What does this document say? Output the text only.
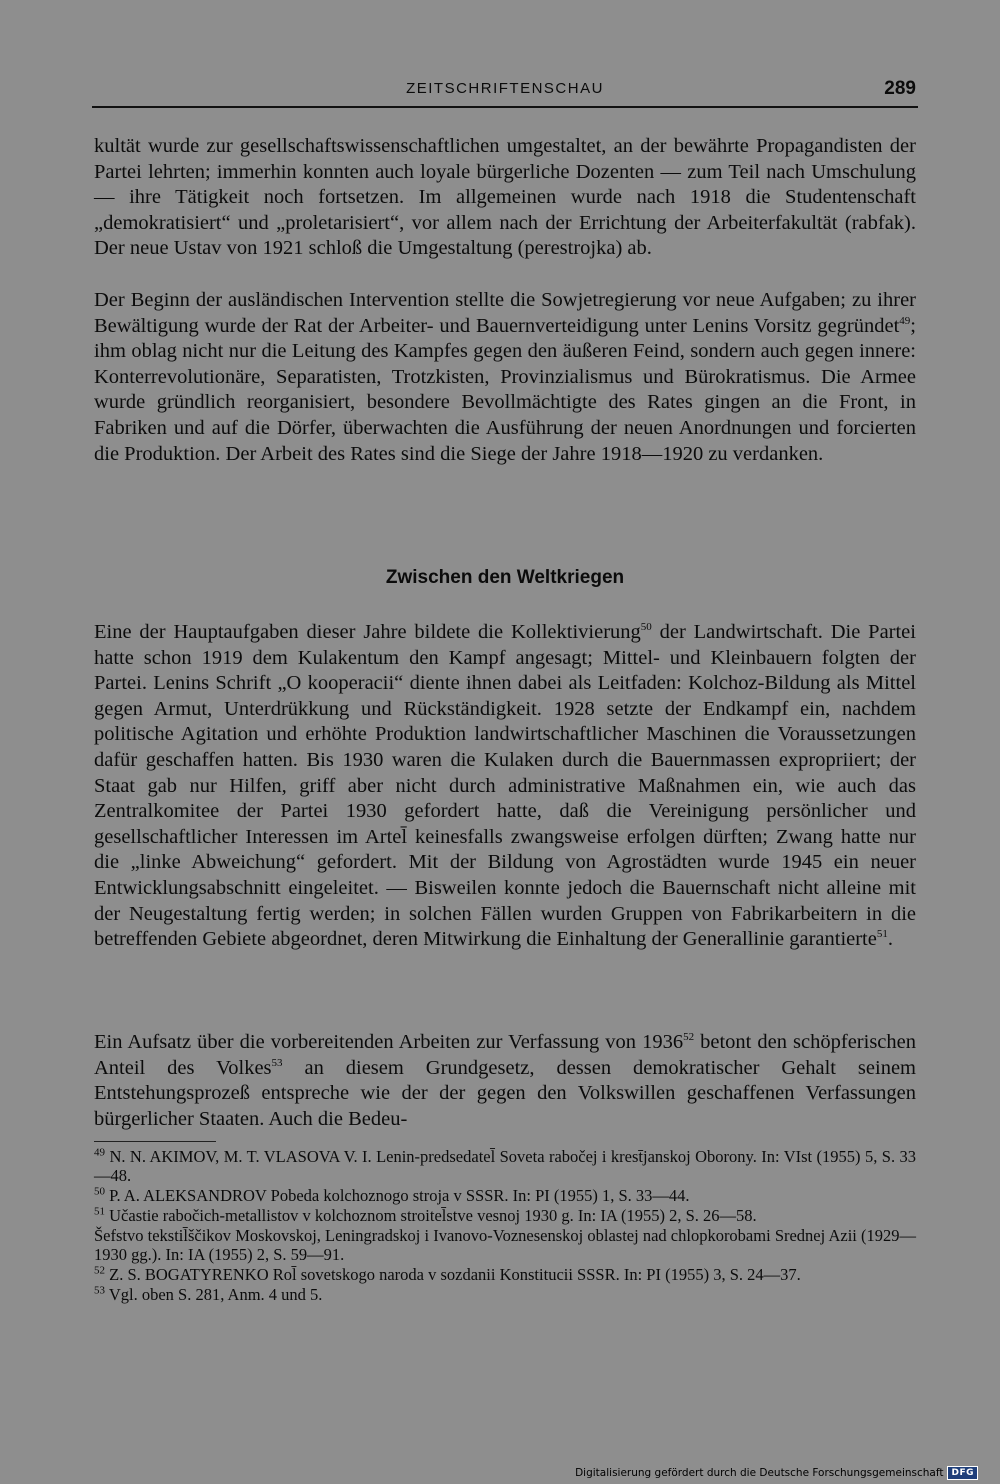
ZEITSCHRIFTENSCHAU	289
kultät wurde zur gesellschaftswissenschaftlichen umgestaltet, an der bewährte Propagandisten der Partei lehrten; immerhin konnten auch loyale bürgerliche Dozenten — zum Teil nach Umschulung — ihre Tätigkeit noch fortsetzen. Im allgemeinen wurde nach 1918 die Studentenschaft „demokratisiert“ und „proletarisiert“, vor allem nach der Errichtung der Arbeiterfakultät (rabfak). Der neue Ustav von 1921 schloß die Umgestaltung (perestrojka) ab.
Der Beginn der ausländischen Intervention stellte die Sowjetregierung vor neue Aufgaben; zu ihrer Bewältigung wurde der Rat der Arbeiter- und Bauernverteidigung unter Lenins Vorsitz gegründet$^{49}$; ihm oblag nicht nur die Leitung des Kampfes gegen den äußeren Feind, sondern auch gegen innere: Konterrevolutionäre, Separatisten, Trotzkisten, Provinzialismus und Bürokratismus. Die Armee wurde gründlich reorganisiert, besondere Bevollmächtigte des Rates gingen an die Front, in Fabriken und auf die Dörfer, überwachten die Ausführung der neuen Anordnungen und forcierten die Produktion. Der Arbeit des Rates sind die Siege der Jahre 1918—1920 zu verdanken.
Zwischen den Weltkriegen
Eine der Hauptaufgaben dieser Jahre bildete die Kollektivierung$^{50}$ der Landwirtschaft. Die Partei hatte schon 1919 dem Kulakentum den Kampf angesagt; Mittel- und Kleinbauern folgten der Partei. Lenins Schrift „O kooperacii“ diente ihnen dabei als Leitfaden: Kolchoz-Bildung als Mittel gegen Armut, Unterdrükkung und Rückständigkeit. 1928 setzte der Endkampf ein, nachdem politische Agitation und erhöhte Produktion landwirtschaftlicher Maschinen die Voraussetzungen dafür geschaffen hatten. Bis 1930 waren die Kulaken durch die Bauernmassen expropriiert; der Staat gab nur Hilfen, griff aber nicht durch administrative Maßnahmen ein, wie auch das Zentralkomitee der Partei 1930 gefordert hatte, daß die Vereinigung persönlicher und gesellschaftlicher Interessen im Artel̄ keinesfalls zwangsweise erfolgen dürften; Zwang hatte nur die „linke Abweichung“ gefordert. Mit der Bildung von Agrostädten wurde 1945 ein neuer Entwicklungsabschnitt eingeleitet. — Bisweilen konnte jedoch die Bauernschaft nicht alleine mit der Neugestaltung fertig werden; in solchen Fällen wurden Gruppen von Fabrikarbeitern in die betreffenden Gebiete abgeordnet, deren Mitwirkung die Einhaltung der Generallinie garantierte$^{51}$.
Ein Aufsatz über die vorbereitenden Arbeiten zur Verfassung von 1936$^{52}$ betont den schöpferischen Anteil des Volkes$^{53}$ an diesem Grundgesetz, dessen demokratischer Gehalt seinem Entstehungsprozeß entspreche wie der der gegen den Volkswillen geschaffenen Verfassungen bürgerlicher Staaten. Auch die Bedeu-
$^{49}$ N. N. AKIMOV, M. T. VLASOVA V. I. Lenin-predsedatel̄ Soveta rabočej i krest̄janskoj Oborony. In: VIst (1955) 5, S. 33—48.
$^{50}$ P. A. ALEKSANDROV Pobeda kolchoznogo stroja v SSSR. In: PI (1955) 1, S. 33—44.
$^{51}$ Učastie rabočich-metallistov v kolchoznom stroitel̄stve vesnoj 1930 g. In: IA (1955) 2, S. 26—58.
Šefstvo tekstil̄ščikov Moskovskoj, Leningradskoj i Ivanovo-Voznesenskoj oblastej nad chlopkorobami Srednej Azii (1929—1930 gg.). In: IA (1955) 2, S. 59—91.
$^{52}$ Z. S. BOGATYRENKO Rol̄ sovetskogo naroda v sozdanii Konstitucii SSSR. In: PI (1955) 3, S. 24—37.
$^{53}$ Vgl. oben S. 281, Anm. 4 und 5.
Digitalisierung gefördert durch die Deutsche Forschungsgemeinschaft DFG
